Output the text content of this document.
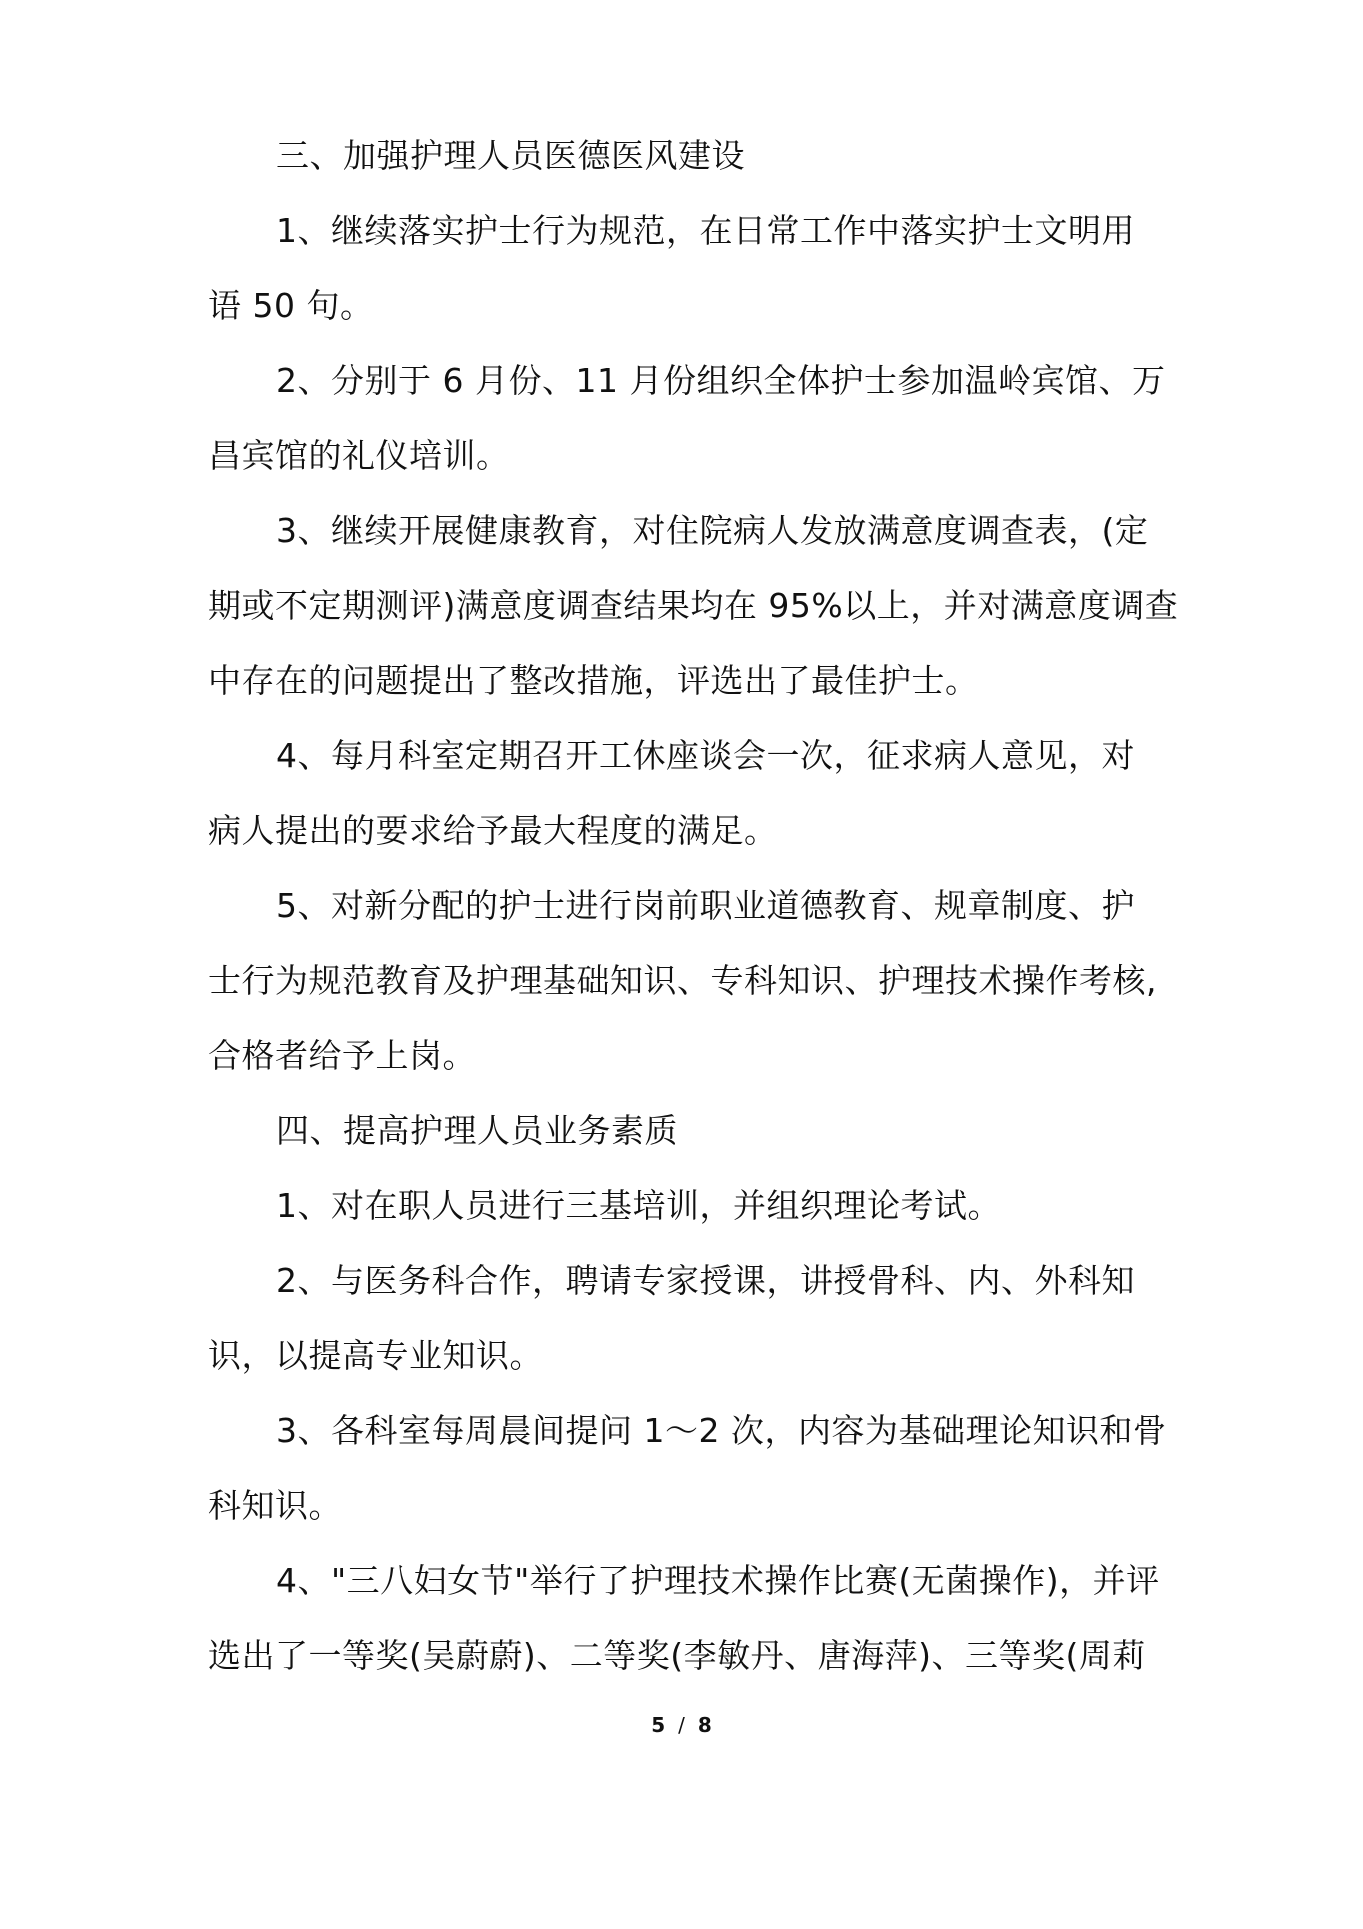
三、加强护理人员医德医风建设
1、继续落实护士行为规范，在日常工作中落实护士文明用
语 50 句。
2、分别于 6 月份、11 月份组织全体护士参加温岭宾馆、万
昌宾馆的礼仪培训。
3、继续开展健康教育，对住院病人发放满意度调查表，(定
期或不定期测评)满意度调查结果均在 95%以上，并对满意度调查
中存在的问题提出了整改措施，评选出了最佳护士。
4、每月科室定期召开工休座谈会一次，征求病人意见，对
病人提出的要求给予最大程度的满足。
5、对新分配的护士进行岗前职业道德教育、规章制度、护
士行为规范教育及护理基础知识、专科知识、护理技术操作考核,
合格者给予上岗。
四、提高护理人员业务素质
1、对在职人员进行三基培训，并组织理论考试。
2、与医务科合作，聘请专家授课，讲授骨科、内、外科知
识，以提高专业知识。
3、各科室每周晨间提问 1～2 次，内容为基础理论知识和骨
科知识。
4、"三八妇女节"举行了护理技术操作比赛(无菌操作)，并评
选出了一等奖(吴蔚蔚)、二等奖(李敏丹、唐海萍)、三等奖(周莉
5 / 8
